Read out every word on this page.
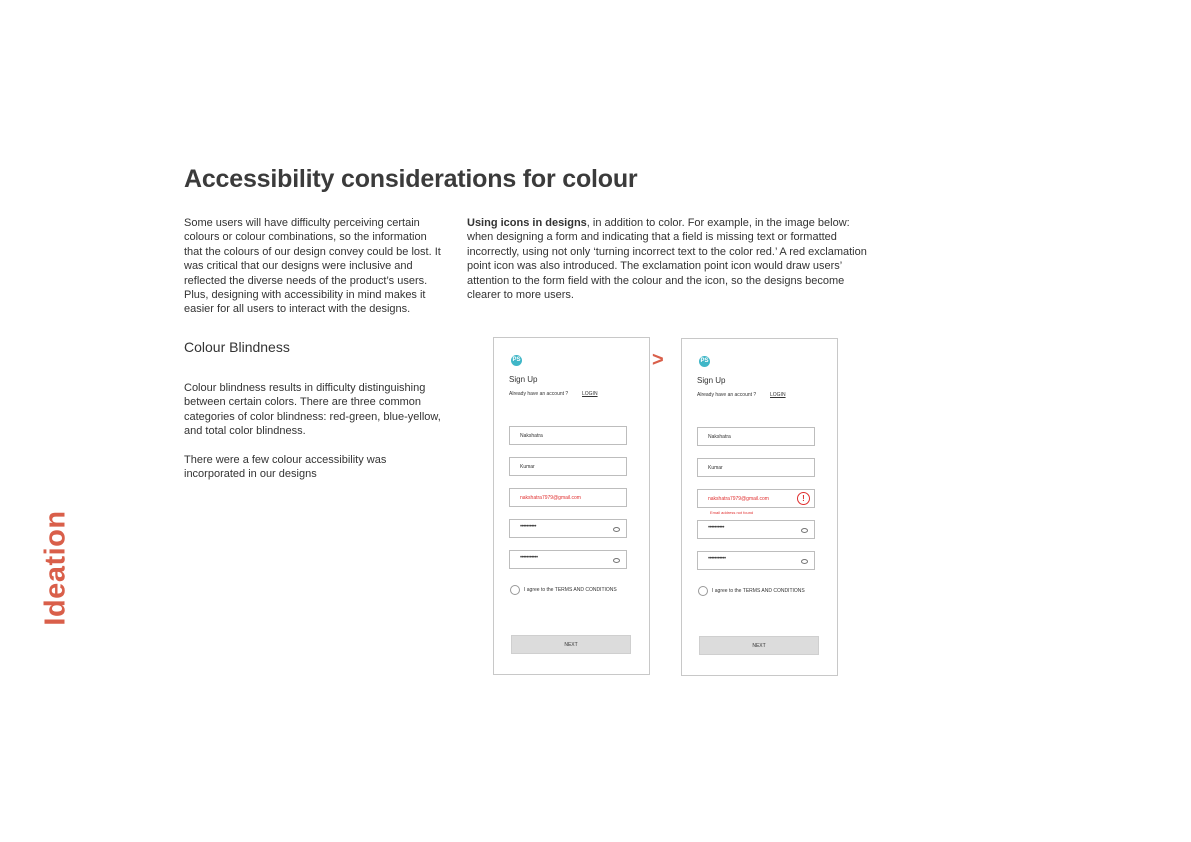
Accessibility considerations for colour
Some users will have difficulty perceiving certain colours or colour combinations, so the information that the colours of our design convey could be lost. It was critical that our designs were inclusive and reflected the diverse needs of the product’s users. Plus, designing with accessibility in mind makes it easier for all users to interact with the designs.
Using icons in designs, in addition to color. For example, in the image below: when designing a form and indicating that a field is missing text or formatted incorrectly, using not only ‘turning incorrect text to the color red.’ A red exclamation point icon was also introduced. The exclamation point icon would draw users’ attention to the form field with the colour and the icon, so the designs become clearer to more users.
Colour Blindness
Colour blindness results in difficulty distinguishing between certain colors. There are three common categories of color blindness: red-green, blue-yellow, and total color blindness.
There were a few colour accessibility was incorporated in our designs
Ideation
>
PS
Sign Up
Already have an account ?	LOGIN
Nakshatra
Kumar
nakshatra7979@gmail.com
••••••••••
•••••••••••
I agree to the TERMS AND CONDITIONS
NEXT
PS
Sign Up
Already have an account ?	LOGIN
Nakshatra
Kumar
nakshatra7979@gmail.com	!
Email address not found
••••••••••
•••••••••••
I agree to the TERMS AND CONDITIONS
NEXT
